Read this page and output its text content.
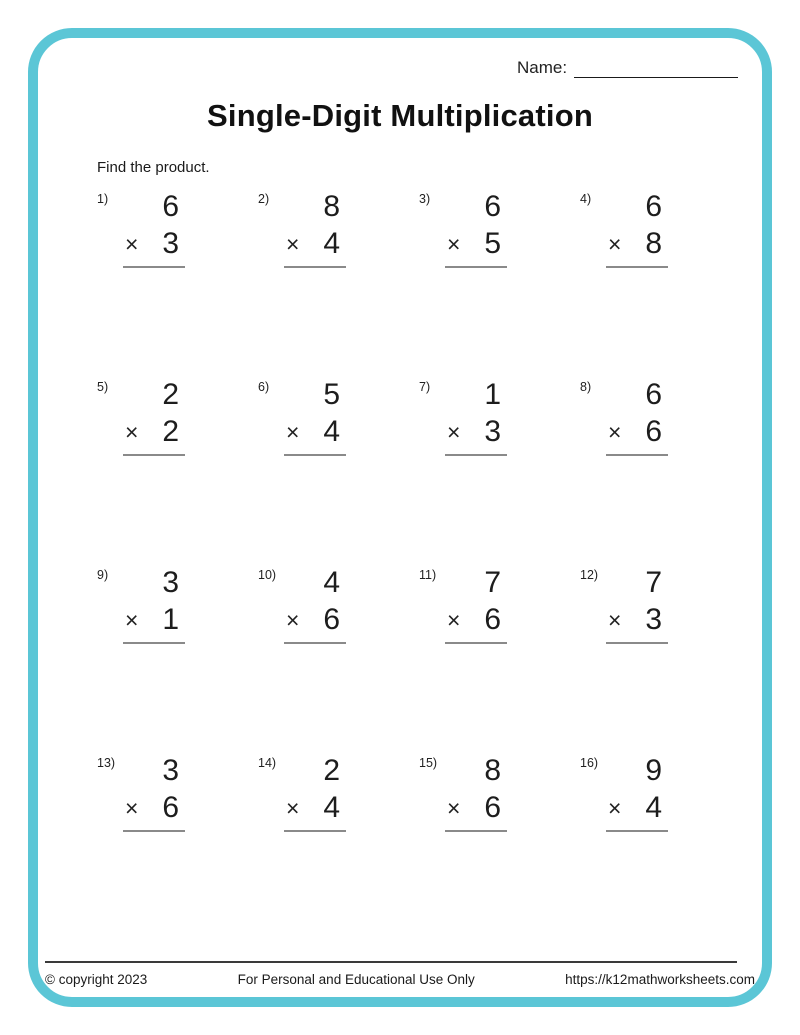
Name:
Single-Digit Multiplication
Find the product.
1)	6
× 3
2)	8
× 4
3)	6
× 5
4)	6
× 8
5)	2
× 2
6)	5
× 4
7)	1
× 3
8)	6
× 6
9)	3
× 1
10)	4
× 6
11)	7
× 6
12)	7
× 3
13)	3
× 6
14)	2
× 4
15)	8
× 6
16)	9
× 4
© copyright 2023	For Personal and Educational Use Only	https://k12mathworksheets.com
